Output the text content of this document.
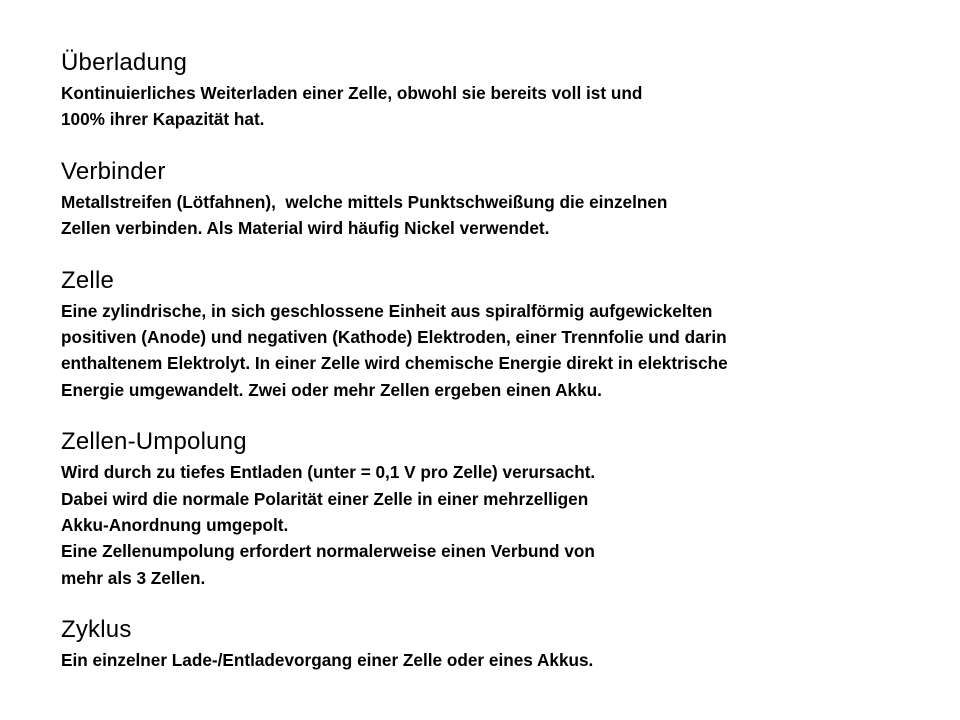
Überladung

Kontinuierliches Weiterladen einer Zelle, obwohl sie bereits voll ist und

100% ihrer Kapazität hat.

Verbinder

Metallstreifen (Lötfahnen),  welche mittels Punktschweißung die einzelnen

Zellen verbinden. Als Material wird häufig Nickel verwendet.

Zelle

Eine zylindrische, in sich geschlossene Einheit aus spiralförmig aufgewickelten

positiven (Anode) und negativen (Kathode) Elektroden, einer Trennfolie und darin

enthaltenem Elektrolyt. In einer Zelle wird chemische Energie direkt in elektrische

Energie umgewandelt. Zwei oder mehr Zellen ergeben einen Akku.

Zellen-Umpolung

Wird durch zu tiefes Entladen (unter = 0,1 V pro Zelle) verursacht.

Dabei wird die normale Polarität einer Zelle in einer mehrzelligen

Akku-Anordnung umgepolt.

Eine Zellenumpolung erfordert normalerweise einen Verbund von

mehr als 3 Zellen.

Zyklus

Ein einzelner Lade-/Entladevorgang einer Zelle oder eines Akkus.
